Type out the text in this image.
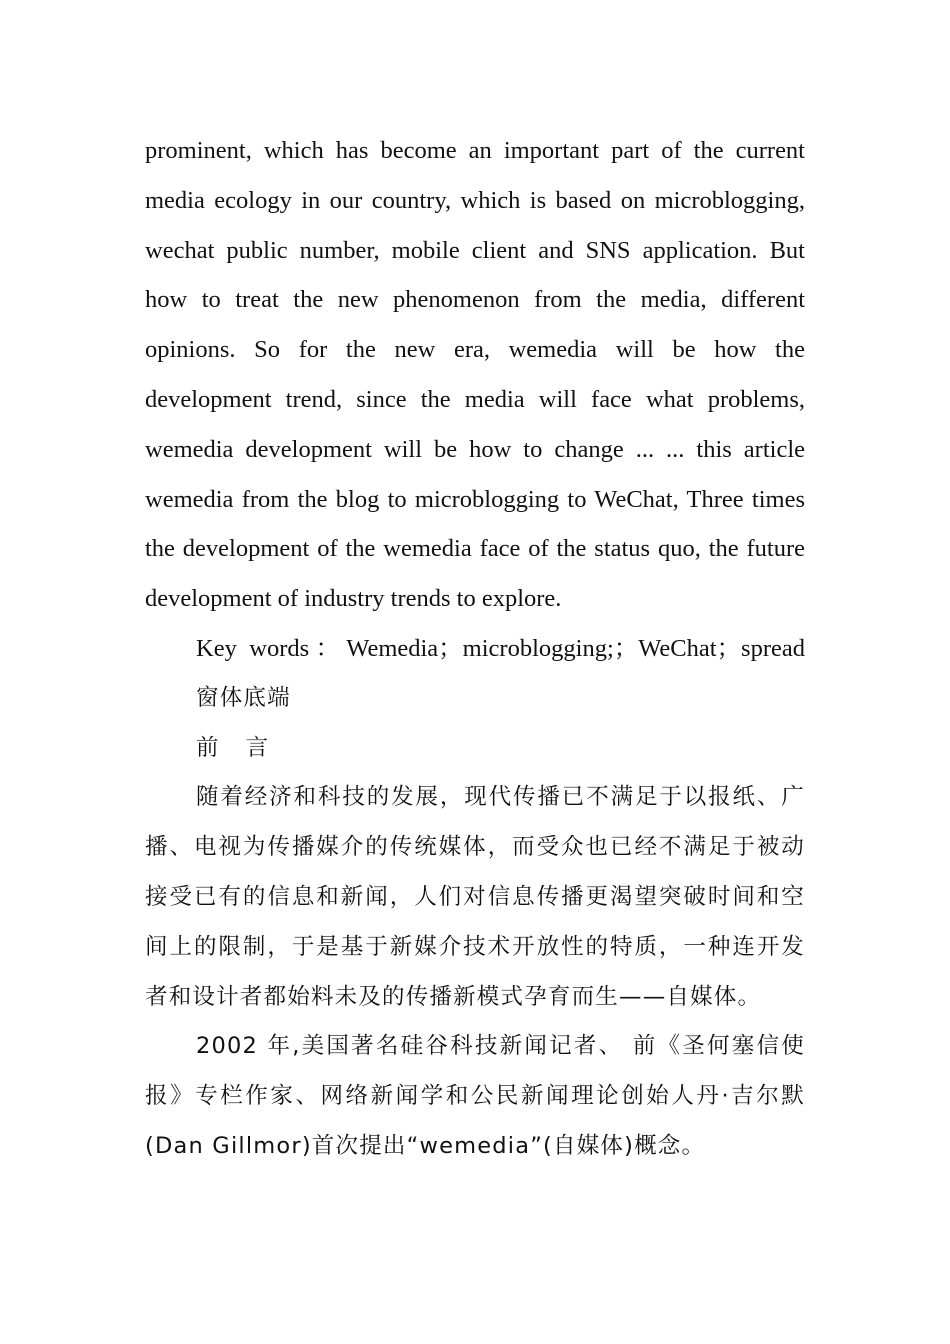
prominent, which has become an important part of the current media ecology in our country, which is based on microblogging, wechat public number, mobile client and SNS application. But how to treat the new phenomenon from the media, different opinions. So for the new era, wemedia will be how the development trend, since the media will face what problems, wemedia development will be how to change ... ... this article wemedia from the blog to microblogging to WeChat, Three times the development of the wemedia face of the status quo, the future development of industry trends to explore.

Key words：Wemedia；microblogging;；WeChat；spread

窗体底端

前 言

随着经济和科技的发展，现代传播已不满足于以报纸、广播、电视为传播媒介的传统媒体，而受众也已经不满足于被动接受已有的信息和新闻，人们对信息传播更渴望突破时间和空间上的限制，于是基于新媒介技术开放性的特质，一种连开发者和设计者都始料未及的传播新模式孕育而生——自媒体。

2002 年,美国著名硅谷科技新闻记者、 前《圣何塞信使报》专栏作家、网络新闻学和公民新闻理论创始人丹·吉尔默(Dan Gillmor)首次提出“wemedia”(自媒体)概念。
